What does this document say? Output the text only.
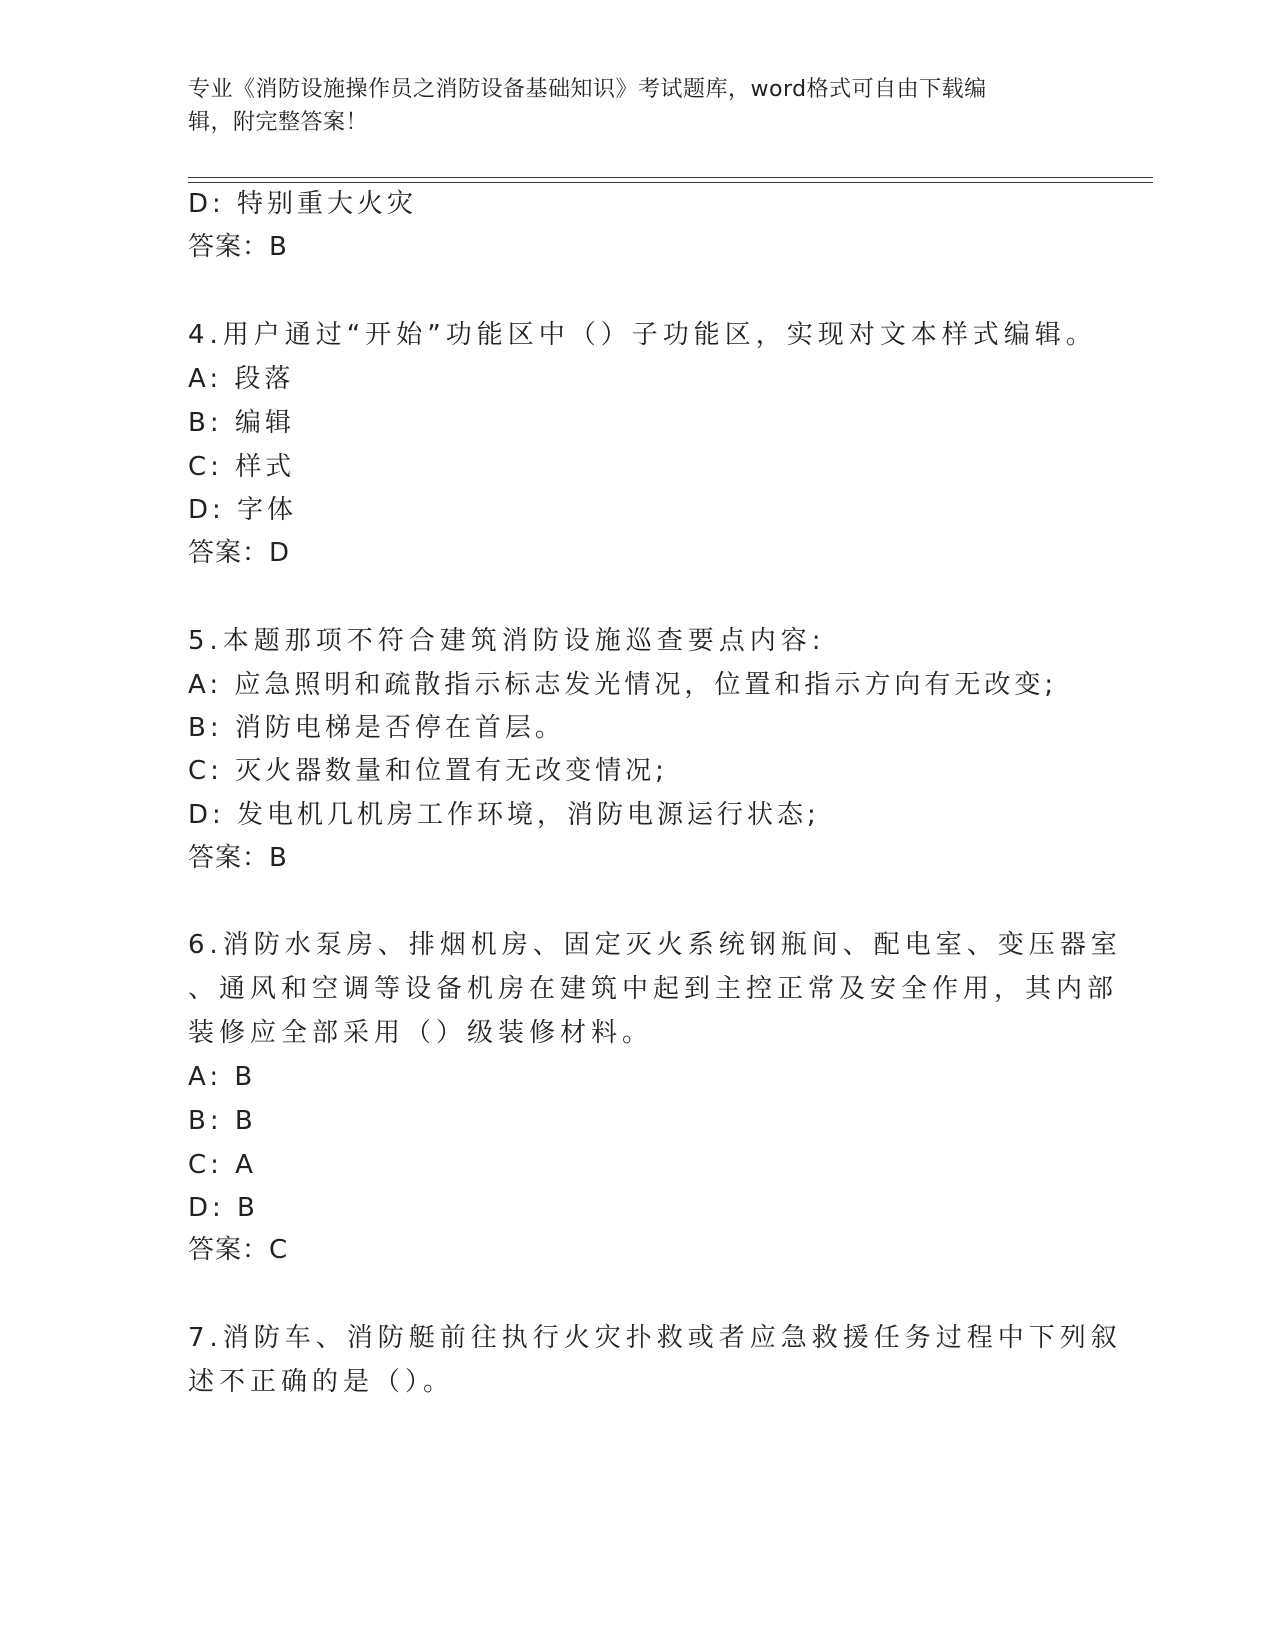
专业《消防设施操作员之消防设备基础知识》考试题库，word格式可自由下载编
辑，附完整答案！
D: 特别重大火灾
答案：B
4.用户通过“开始”功能区中（）子功能区，实现对文本样式编辑。
A: 段落
B: 编辑
C: 样式
D: 字体
答案：D
5.本题那项不符合建筑消防设施巡查要点内容:
A: 应急照明和疏散指示标志发光情况，位置和指示方向有无改变;
B: 消防电梯是否停在首层。
C: 灭火器数量和位置有无改变情况;
D: 发电机几机房工作环境，消防电源运行状态;
答案：B
6.消防水泵房、排烟机房、固定灭火系统钢瓶间、配电室、变压器室
、通风和空调等设备机房在建筑中起到主控正常及安全作用，其内部
装修应全部采用（）级装修材料。
A: B
B: B
C: A
D: B
答案：C
7.消防车、消防艇前往执行火灾扑救或者应急救援任务过程中下列叙
述不正确的是（）。
